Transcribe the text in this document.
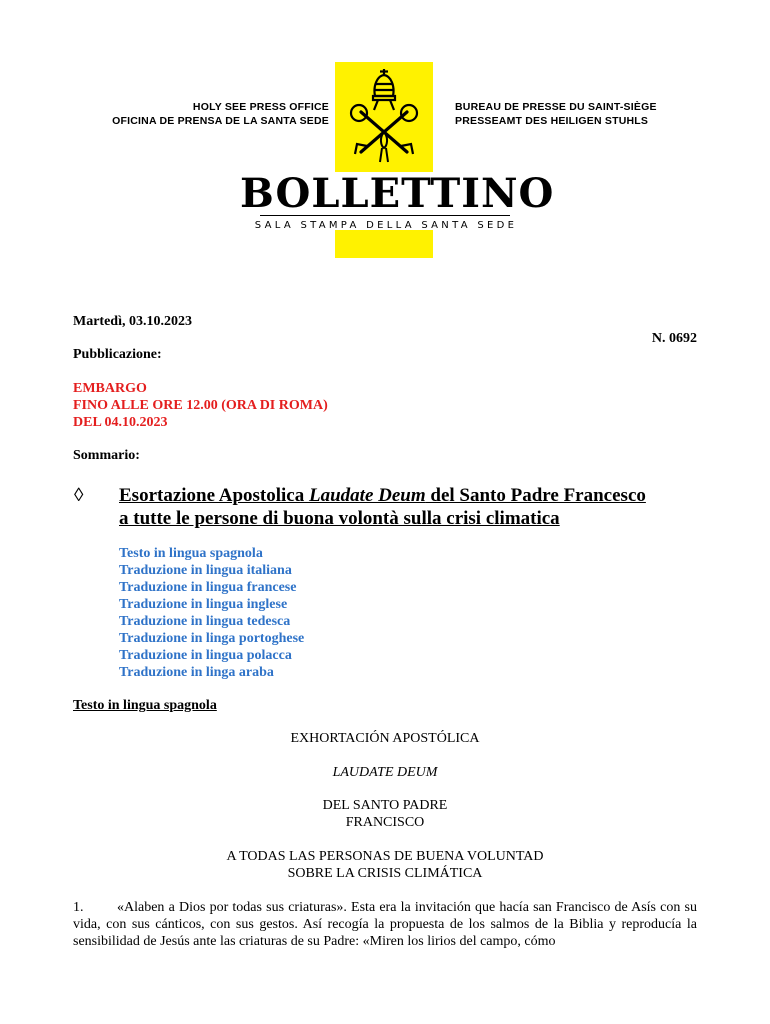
HOLY SEE PRESS OFFICE
OFICINA DE PRENSA DE LA SANTA SEDE
BUREAU DE PRESSE DU SAINT-SIÈGE
PRESSEAMT DES HEILIGEN STUHLS
BOLLETTINO
SALA STAMPA DELLA SANTA SEDE
Martedì, 03.10.2023
N. 0692
Pubblicazione:
EMBARGO
FINO ALLE ORE 12.00 (ORA DI ROMA)
DEL 04.10.2023
Sommario:
◊ Esortazione Apostolica Laudate Deum del Santo Padre Francesco
a tutte le persone di buona volontà sulla crisi climatica
Testo in lingua spagnola
Traduzione in lingua italiana
Traduzione in lingua francese
Traduzione in lingua inglese
Traduzione in lingua tedesca
Traduzione in linga portoghese
Traduzione in lingua polacca
Traduzione in linga araba
Testo in lingua spagnola
EXHORTACIÓN APOSTÓLICA
LAUDATE DEUM
DEL SANTO PADRE
FRANCISCO
A TODAS LAS PERSONAS DE BUENA VOLUNTAD
SOBRE LA CRISIS CLIMÁTICA
1. «Alaben a Dios por todas sus criaturas». Esta era la invitación que hacía san Francisco de Asís con su vida, con sus cánticos, con sus gestos. Así recogía la propuesta de los salmos de la Biblia y reproducía la sensibilidad de Jesús ante las criaturas de su Padre: «Miren los lirios del campo, cómo
